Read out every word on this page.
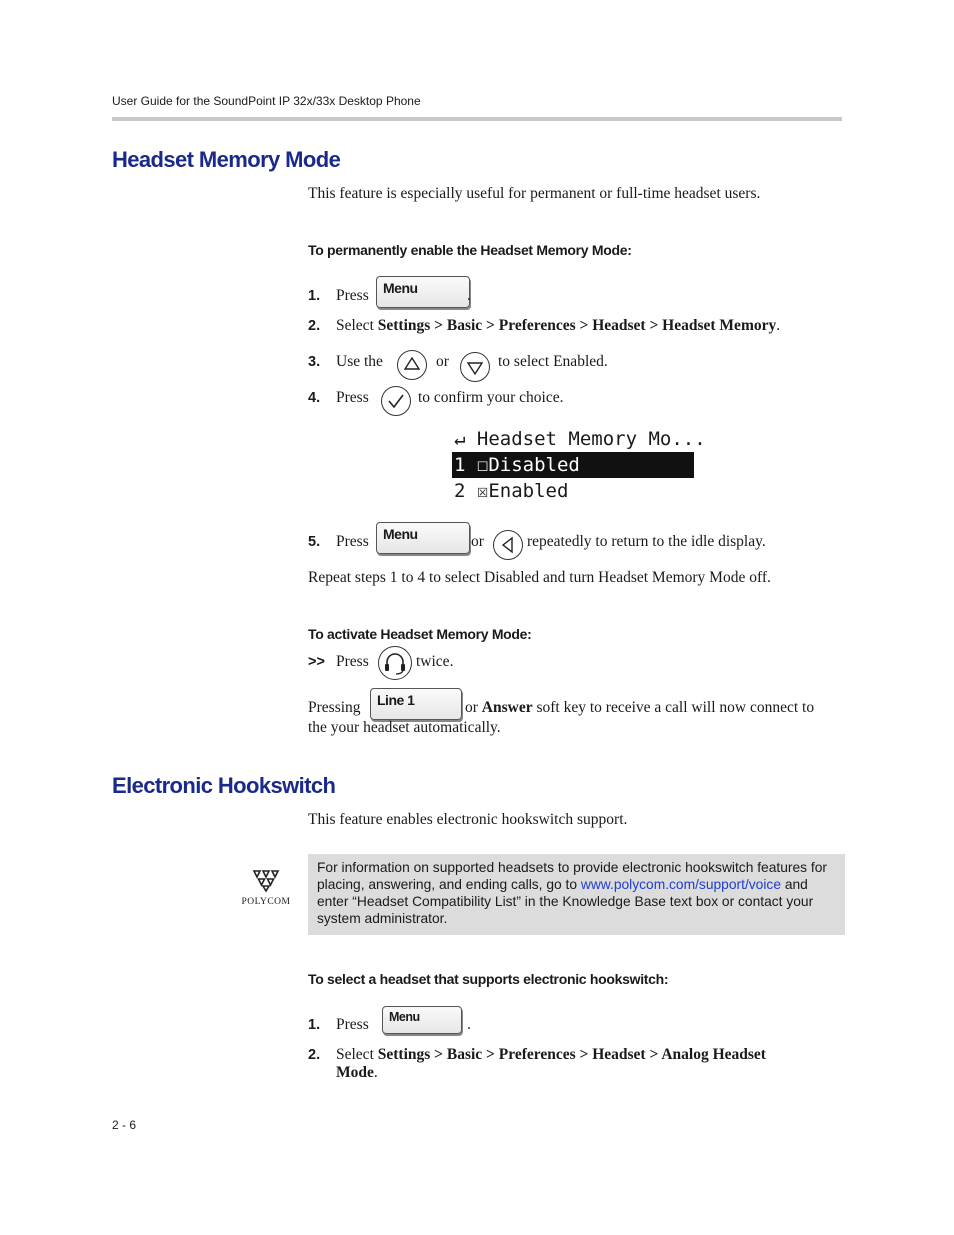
User Guide for the SoundPoint IP 32x/33x Desktop Phone
Headset Memory Mode
This feature is especially useful for permanent or full-time headset users.
To permanently enable the Headset Memory Mode:
1. Press Menu	.
2. Select Settings > Basic > Preferences > Headset > Headset Memory.
3. Use the	or	to select Enabled.
4. Press	to confirm your choice.
↵ Headset Memory Mo...
1 ☐Disabled
2 ☒Enabled
5. Press Menu	or	repeatedly to return to the idle display.
Repeat steps 1 to 4 to select Disabled and turn Headset Memory Mode off.
To activate Headset Memory Mode:
>> Press	twice.
Pressing Line 1	or Answer soft key to receive a call will now connect to
the your headset automatically.
Electronic Hookswitch
This feature enables electronic hookswitch support.
POLYCOM
For information on supported headsets to provide electronic hookswitch features for
placing, answering, and ending calls, go to www.polycom.com/support/voice and
enter “Headset Compatibility List” in the Knowledge Base text box or contact your
system administrator.
To select a headset that supports electronic hookswitch:
1. Press Menu	.
2. Select Settings > Basic > Preferences > Headset > Analog Headset
Mode.
2 - 6
